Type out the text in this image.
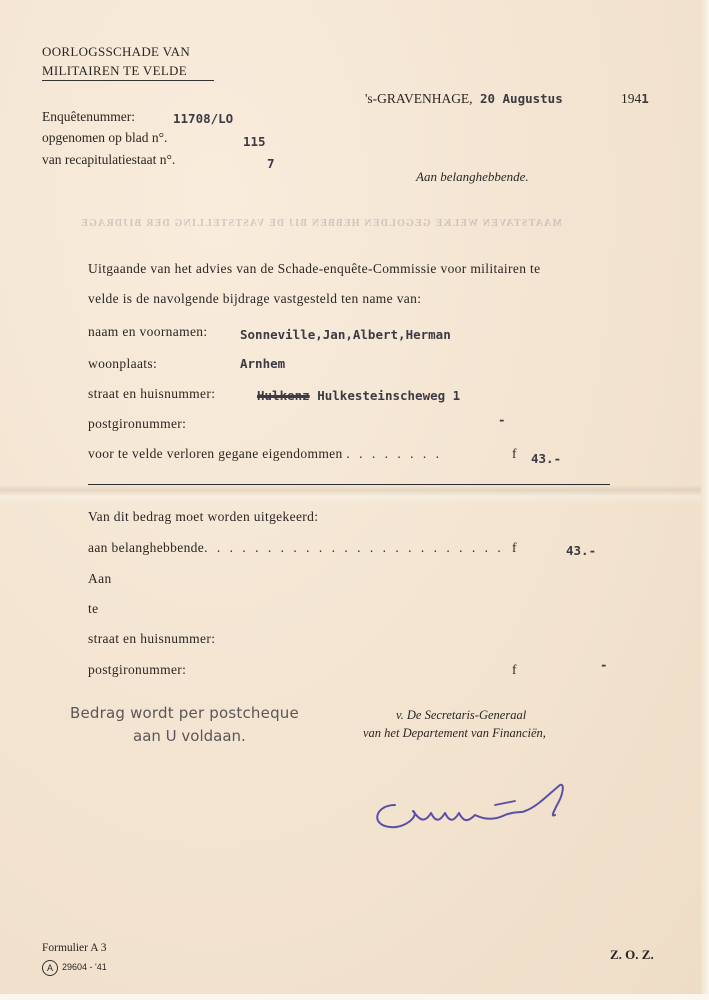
OORLOGSSCHADE VAN
MILITAIREN TE VELDE
's-GRAVENHAGE, 20 Augustus	1941
Enquêtenummer:	11708/LO
opgenomen op blad n°.	115
van recapitulatiestaat n°.	7
Aan belanghebbende.
MAATSTAVEN WELKE GEGOLDEN HEBBEN BIJ DE VASTSTELLING DER BIJDRAGE
Uitgaande van het advies van de Schade-enquête-Commissie voor militairen te
velde is de navolgende bijdrage vastgesteld ten name van:
naam en voornamen:	Sonneville,Jan,Albert,Herman
woonplaats:	Arnhem
straat en huisnummer:	Hulkenz Hulkesteinscheweg 1
postgironummer:	-
voor te velde verloren gegane eigendommen . . . . . . . .	f 43.-
Van dit bedrag moet worden uitgekeerd:
aan belanghebbende. . . . . . . . . . . . . . . . . . . . . . . . f	43.-
Aan
te
straat en huisnummer:
postgironummer:	f	-
Bedrag wordt per postcheque
aan U voldaan.
v. De Secretaris-Generaal
van het Departement van Financiën,
Formulier A 3
A	29604 - '41
Z. O. Z.
